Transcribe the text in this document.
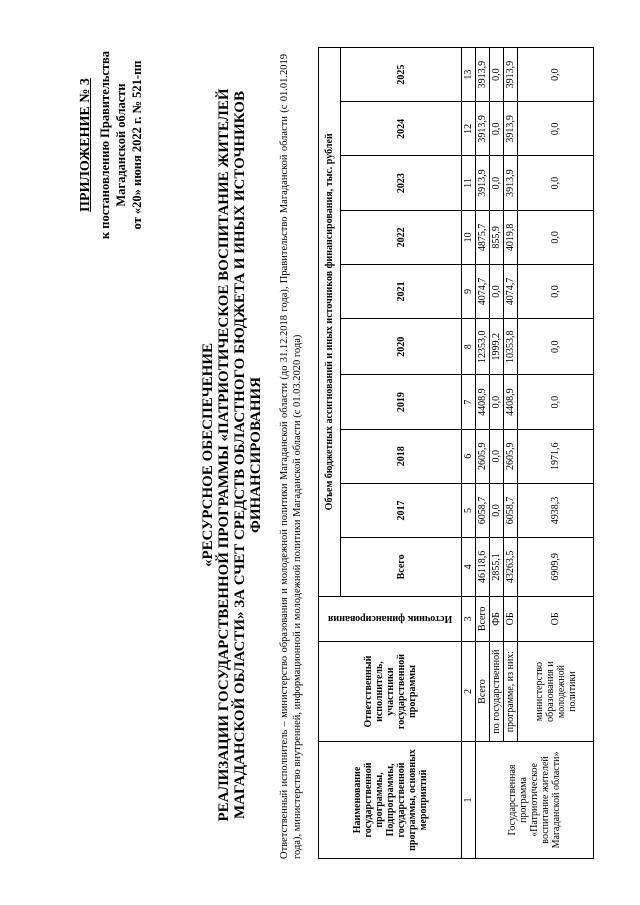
ПРИЛОЖЕНИЕ № 3 к постановлению Правительства Магаданской области от «20» июня 2022 г. № 521-пп
«РЕСУРСНОЕ ОБЕСПЕЧЕНИЕ РЕАЛИЗАЦИИ ГОСУДАРСТВЕННОЙ ПРОГРАММЫ «ПАТРИОТИЧЕСКОЕ ВОСПИТАНИЕ ЖИТЕЛЕЙ МАГАДАНСКОЙ ОБЛАСТИ» ЗА СЧЕТ СРЕДСТВ ОБЛАСТНОГО БЮДЖЕТА И ИНЫХ ИСТОЧНИКОВ ФИНАНСИРОВАНИЯ Ответственный исполнитель – министерство образования и молодежной политики Магаданской области (до 31.12.2018 года), Правительство Магаданской области (с 01.01.2019 года), министерство внутренней, информационной и молодежной политики Магаданской области (с 01.03.2020 года)	Наименование государственной программы, Подпрограммы, государственной программы, основных мероприятий	Ответственный исполнитель, участники государственной программы	Источник финансирования	Объем бюджетных ассигнований и иных источников финансирования, тыс. рублей									
			Всего	2017	2018	2019	2020	2021	2022	2023	2024	2025
1	2	3	4	5	6	7	8	9	10	11	12	13
Государственная программа «Патриотическое воспитание жителей Магаданской области»	Всего	Всего	46118,6	6058,7	2605,9	4408,9	12353,0	4074,7	4875,7	3913,9	3913,9	3913,9
	по государственной	ФБ	2855,1	0,0	0,0	0,0	1999,2	0,0	855,9	0,0	0,0	0,0
	программе, из них:	ОБ	43263,5	6058,7	2605,9	4408,9	10353,8	4074,7	4019,8	3913,9	3913,9	3913,9
	министерство образования и молодежной политики	ОБ	6909,9	4938,3	1971,6	0,0	0,0	0,0	0,0	0,0	0,0	0,0
